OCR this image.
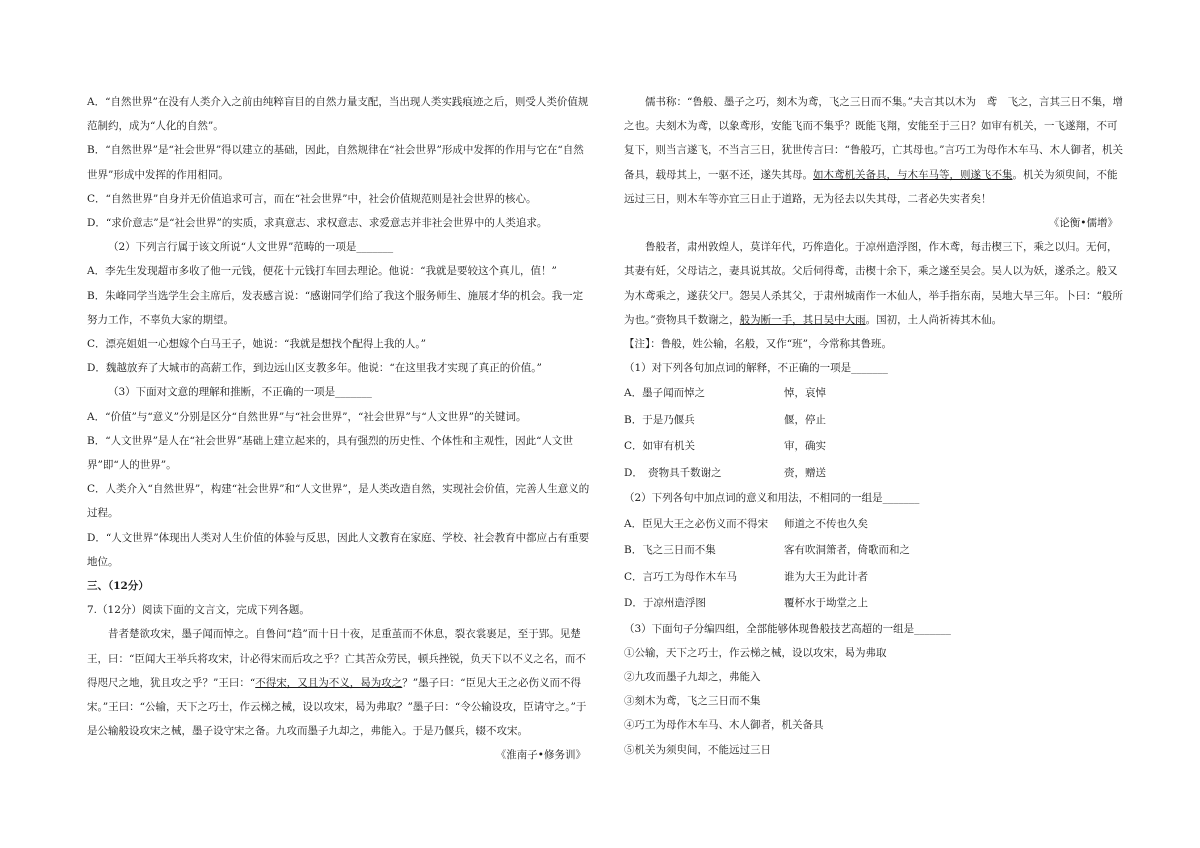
A．“自然世界”在没有人类介入之前由纯粹盲目的自然力量支配，当出现人类实践痕迹之后，则受人类价值规范制约，成为“人化的自然”。

B．“自然世界”是“社会世界”得以建立的基础，因此，自然规律在“社会世界”形成中发挥的作用与它在“自然世界”形成中发挥的作用相同。

C．“自然世界”自身并无价值追求可言，而在“社会世界”中，社会价值规范则是社会世界的核心。

D．“求价意志”是“社会世界”的实质，求真意志、求权意志、求爱意志并非社会世界中的人类追求。

（2）下列言行属于该文所说“人文世界”范畴的一项是_______

A．李先生发现超市多收了他一元钱，便花十元钱打车回去理论。他说：“我就是要较这个真儿，值！”

B．朱峰同学当选学生会主席后，发表感言说：“感谢同学们给了我这个服务师生、施展才华的机会。我一定努力工作，不辜负大家的期望。

C．漂亮姐姐一心想嫁个白马王子，她说：“我就是想找个配得上我的人。”

D．魏越放弃了大城市的高薪工作，到边远山区支教多年。他说：“在这里我才实现了真正的价值。”

（3）下面对文意的理解和推断，不正确的一项是_______

A．“价值”与“意义”分别是区分“自然世界”与“社会世界”，“社会世界”与“人文世界”的关键词。

B．“人文世界”是人在“社会世界”基础上建立起来的，具有强烈的历史性、个体性和主观性，因此“人文世界”即“人的世界”。

C．人类介入“自然世界”，构建“社会世界”和“人文世界”，是人类改造自然，实现社会价值，完善人生意义的过程。

D．“人文世界”体现出人类对人生价值的体验与反思，因此人文教育在家庭、学校、社会教育中都应占有重要地位。

三、（12分）

7.（12分）阅读下面的文言文，完成下列各题。

昔者楚欲攻宋，墨子闻而悼之。自鲁问“趋”而十日十夜，足重茧而不休息，裂衣裳裹足，至于郢。见楚王，曰：“臣闻大王举兵将攻宋，计必得宋而后攻之乎？亡其苦众劳民，顿兵挫锐，负天下以不义之名，而不得咫尺之地，犹且攻之乎？”王曰：“不得宋，又且为不义，曷为攻之？”墨子曰：“臣见大王之必伤义而不得宋。”王曰：“公输，天下之巧士，作云梯之械，设以攻宋，曷为弗取？”墨子曰：“令公输设攻，臣请守之。”于是公输般设攻宋之械，墨子设守宋之备。九攻而墨子九却之，弗能入。于是乃偃兵，辍不攻宋。

《淮南子•修务训》

儒书称：“鲁般、墨子之巧，刻木为鸢，飞之三日而不集。”夫言其以木为　鸢　飞之，言其三日不集，增之也。夫刻木为鸢，以象鸢形，安能飞而不集乎？既能飞翔，安能至于三日？如审有机关，一飞遂翔，不可复下，则当言遂飞，不当言三日，犹世传言曰：“鲁般巧，亡其母也。”言巧工为母作木车马、木人御者，机关备具，载母其上，一驱不还，遂失其母。如木鸢机关备具，与木车马等，则遂飞不集。机关为须臾间，不能远过三日，则木车等亦宜三日止于道路，无为径去以失其母，二者必失实者矣！

《论衡•儒增》

鲁般者，肃州敦煌人，莫详年代，巧侔造化。于凉州造浮图，作木鸢，每击楔三下，乘之以归。无何，其妻有妊，父母诘之，妻具说其故。父后伺得鸢，击楔十余下，乘之遂至吴会。吴人以为妖，遂杀之。般又为木鸢乘之，遂获父尸。怨吴人杀其父，于肃州城南作一木仙人，举手指东南，吴地大旱三年。卜曰：“般所为也。”赍物具千数谢之，般为断一手，其日吴中大雨。国初，土人尚祈祷其木仙。

【注】：鲁般，姓公输，名般，又作“班”，今常称其鲁班。

（1）对下列各句加点词的解释，不正确的一项是_______

A．墨子闻而悼之	悼，哀悼
B．于是乃偃兵	偃，停止
C．如审有机关	审，确实
D．　赍物具千数谢之	赍，赠送

（2）下列各句中加点词的意义和用法，不相同的一组是_______

A．臣见大王之必伤义而不得宋	师道之不传也久矣
B．飞之三日而不集	客有吹洞箫者，倚歌而和之
C．言巧工为母作木车马	谁为大王为此计者
D．于凉州造浮图	覆杯水于坳堂之上

（3）下面句子分编四组，全部能够体现鲁般技艺高超的一组是_______

①公输，天下之巧士，作云梯之械，设以攻宋，曷为弗取

②九攻而墨子九却之，弗能入

③刻木为鸢，飞之三日而不集

④巧工为母作木车马、木人御者，机关备具

⑤机关为须臾间，不能远过三日
